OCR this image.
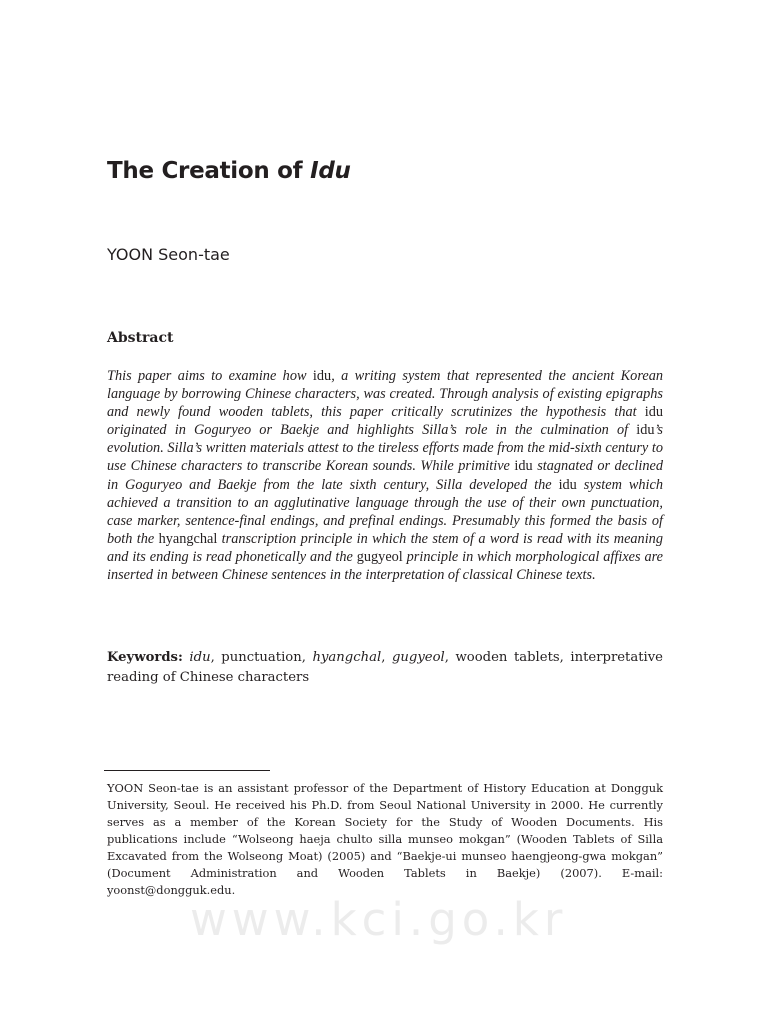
The Creation of Idu
YOON Seon-tae
Abstract
This paper aims to examine how idu, a writing system that represented the ancient Korean language by borrowing Chinese characters, was created. Through analysis of existing epigraphs and newly found wooden tablets, this paper critically scrutinizes the hypothesis that idu originated in Goguryeo or Baekje and highlights Silla’s role in the culmination of idu’s evolution. Silla’s written materials attest to the tireless efforts made from the mid-sixth century to use Chinese characters to transcribe Korean sounds. While primitive idu stagnated or declined in Goguryeo and Baekje from the late sixth century, Silla developed the idu system which achieved a transition to an agglutinative language through the use of their own punctuation, case marker, sentence-final endings, and prefinal endings. Presumably this formed the basis of both the hyangchal transcription principle in which the stem of a word is read with its meaning and its ending is read phonetically and the gugyeol principle in which morphological affixes are inserted in between Chinese sentences in the interpretation of classical Chinese texts.
Keywords: idu, punctuation, hyangchal, gugyeol, wooden tablets, interpretative reading of Chinese characters
YOON Seon-tae is an assistant professor of the Department of History Education at Dongguk University, Seoul. He received his Ph.D. from Seoul National University in 2000. He currently serves as a member of the Korean Society for the Study of Wooden Documents. His publications include “Wolseong haeja chulto silla munseo mokgan” (Wooden Tablets of Silla Excavated from the Wolseong Moat) (2005) and “Baekje-ui munseo haengjeong-gwa mokgan” (Document Administration and Wooden Tablets in Baekje) (2007). E-mail: yoonst@dongguk.edu.
www.kci.go.kr
